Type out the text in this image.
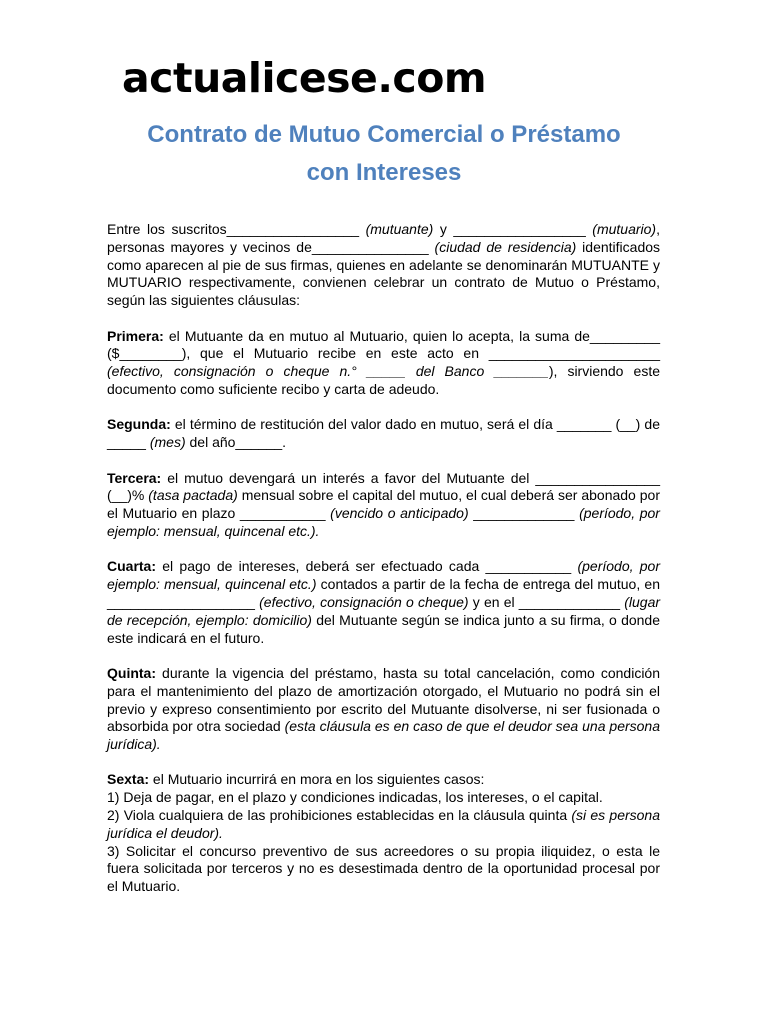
actualicese.com
Contrato de Mutuo Comercial o Préstamo
con Intereses

Entre los suscritos_________________ (mutuante) y _________________ (mutuario), personas mayores y vecinos de_______________ (ciudad de residencia) identificados como aparecen al pie de sus firmas, quienes en adelante se denominarán MUTUANTE y MUTUARIO respectivamente, convienen celebrar un contrato de Mutuo o Préstamo, según las siguientes cláusulas:

Primera: el Mutuante da en mutuo al Mutuario, quien lo acepta, la suma de_________ ($________), que el Mutuario recibe en este acto en ______________________ (efectivo, consignación o cheque n.° _____ del Banco _______), sirviendo este documento como suficiente recibo y carta de adeudo.

Segunda: el término de restitución del valor dado en mutuo, será el día _______ (__) de _____ (mes) del año______.

Tercera: el mutuo devengará un interés a favor del Mutuante del ________________ (__)% (tasa pactada) mensual sobre el capital del mutuo, el cual deberá ser abonado por el Mutuario en plazo ___________ (vencido o anticipado) _____________ (período, por ejemplo: mensual, quincenal etc.).

Cuarta: el pago de intereses, deberá ser efectuado cada ___________ (período, por ejemplo: mensual, quincenal etc.) contados a partir de la fecha de entrega del mutuo, en ___________________ (efectivo, consignación o cheque) y en el _____________ (lugar de recepción, ejemplo: domicilio) del Mutuante según se indica junto a su firma, o donde este indicará en el futuro.

Quinta: durante la vigencia del préstamo, hasta su total cancelación, como condición para el mantenimiento del plazo de amortización otorgado, el Mutuario no podrá sin el previo y expreso consentimiento por escrito del Mutuante disolverse, ni ser fusionada o absorbida por otra sociedad (esta cláusula es en caso de que el deudor sea una persona jurídica).

Sexta: el Mutuario incurrirá en mora en los siguientes casos:

1) Deja de pagar, en el plazo y condiciones indicadas, los intereses, o el capital.

2) Viola cualquiera de las prohibiciones establecidas en la cláusula quinta (si es persona jurídica el deudor).

3) Solicitar el concurso preventivo de sus acreedores o su propia iliquidez, o esta le fuera solicitada por terceros y no es desestimada dentro de la oportunidad procesal por el Mutuario.
